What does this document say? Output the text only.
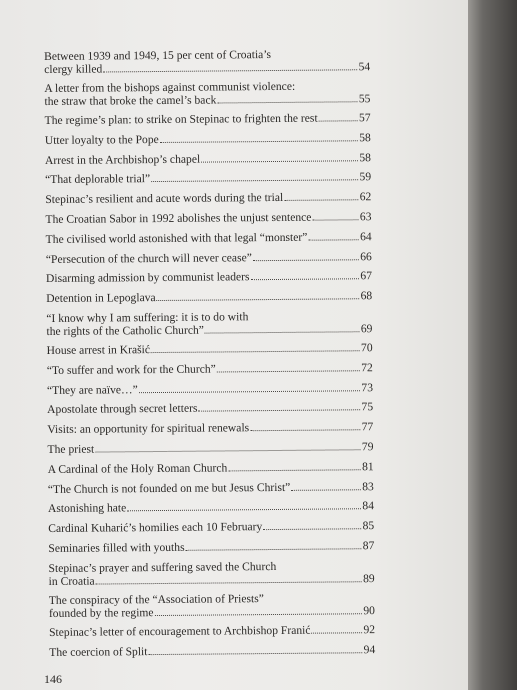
Between 1939 and 1949, 15 per cent of Croatia’s
clergy killed	54
A letter from the bishops against communist violence:
the straw that broke the camel’s back	55
The regime’s plan: to strike on Stepinac to frighten the rest	57
Utter loyalty to the Pope	58
Arrest in the Archbishop’s chapel	58
“That deplorable trial”	59
Stepinac’s resilient and acute words during the trial	62
The Croatian Sabor in 1992 abolishes the unjust sentence	63
The civilised world astonished with that legal “monster”	64
“Persecution of the church will never cease”	66
Disarming admission by communist leaders	67
Detention in Lepoglava	68
“I know why I am suffering: it is to do with
the rights of the Catholic Church”	69
House arrest in Krašić	70
“To suffer and work for the Church”	72
“They are naïve…”	73
Apostolate through secret letters	75
Visits: an opportunity for spiritual renewals	77
The priest	79
A Cardinal of the Holy Roman Church	81
“The Church is not founded on me but Jesus Christ”	83
Astonishing hate	84
Cardinal Kuharić’s homilies each 10 February	85
Seminaries filled with youths	87
Stepinac’s prayer and suffering saved the Church
in Croatia	89
The conspiracy of the “Association of Priests”
founded by the regime	90
Stepinac’s letter of encouragement to Archbishop Franić	92
The coercion of Split	94
146
